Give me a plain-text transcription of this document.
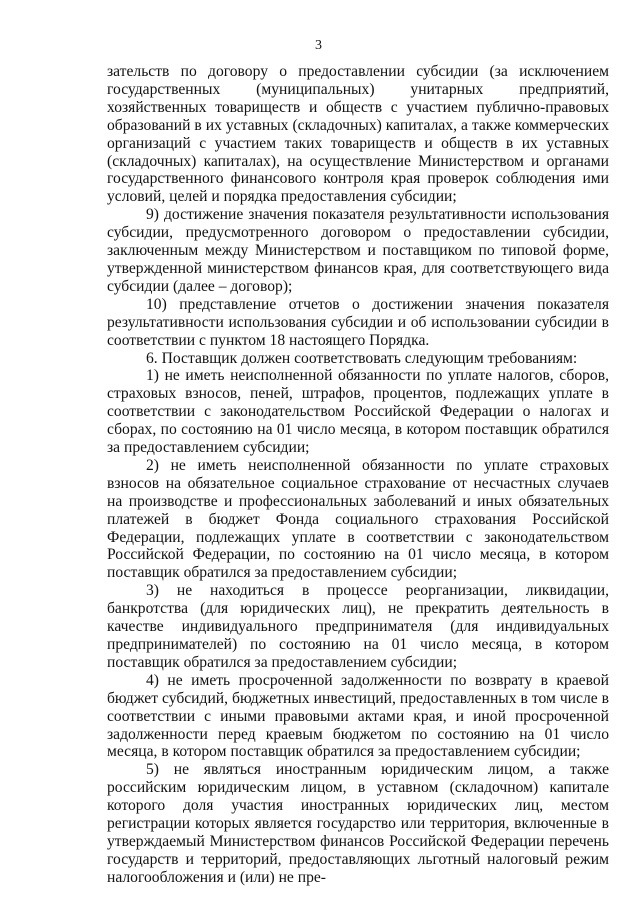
3

зательств по договору о предоставлении субсидии (за исключением государственных (муниципальных) унитарных предприятий, хозяйственных товариществ и обществ с участием публично-правовых образований в их уставных (складочных) капиталах, а также коммерческих организаций с участием таких товариществ и обществ в их уставных (складочных) капиталах), на осуществление Министерством и органами государственного финансового контроля края проверок соблюдения ими условий, целей и порядка предоставления субсидии;

9) достижение значения показателя результативности использования субсидии, предусмотренного договором о предоставлении субсидии, заключенным между Министерством и поставщиком по типовой форме, утвержденной министерством финансов края, для соответствующего вида субсидии (далее – договор);

10) представление отчетов о достижении значения показателя результативности использования субсидии и об использовании субсидии в соответствии с пунктом 18 настоящего Порядка.

6. Поставщик должен соответствовать следующим требованиям:

1) не иметь неисполненной обязанности по уплате налогов, сборов, страховых взносов, пеней, штрафов, процентов, подлежащих уплате в соответствии с законодательством Российской Федерации о налогах и сборах, по состоянию на 01 число месяца, в котором поставщик обратился за предоставлением субсидии;

2) не иметь неисполненной обязанности по уплате страховых взносов на обязательное социальное страхование от несчастных случаев на производстве и профессиональных заболеваний и иных обязательных платежей в бюджет Фонда социального страхования Российской Федерации, подлежащих уплате в соответствии с законодательством Российской Федерации, по состоянию на 01 число месяца, в котором поставщик обратился за предоставлением субсидии;

3) не находиться в процессе реорганизации, ликвидации, банкротства (для юридических лиц), не прекратить деятельность в качестве индивидуального предпринимателя (для индивидуальных предпринимателей) по состоянию на 01 число месяца, в котором поставщик обратился за предоставлением субсидии;

4) не иметь просроченной задолженности по возврату в краевой бюджет субсидий, бюджетных инвестиций, предоставленных в том числе в соответствии с иными правовыми актами края, и иной просроченной задолженности перед краевым бюджетом по состоянию на 01 число месяца, в котором поставщик обратился за предоставлением субсидии;

5) не являться иностранным юридическим лицом, а также российским юридическим лицом, в уставном (складочном) капитале которого доля участия иностранных юридических лиц, местом регистрации которых является государство или территория, включенные в утверждаемый Министерством финансов Российской Федерации перечень государств и территорий, предоставляющих льготный налоговый режим налогообложения и (или) не пре-
